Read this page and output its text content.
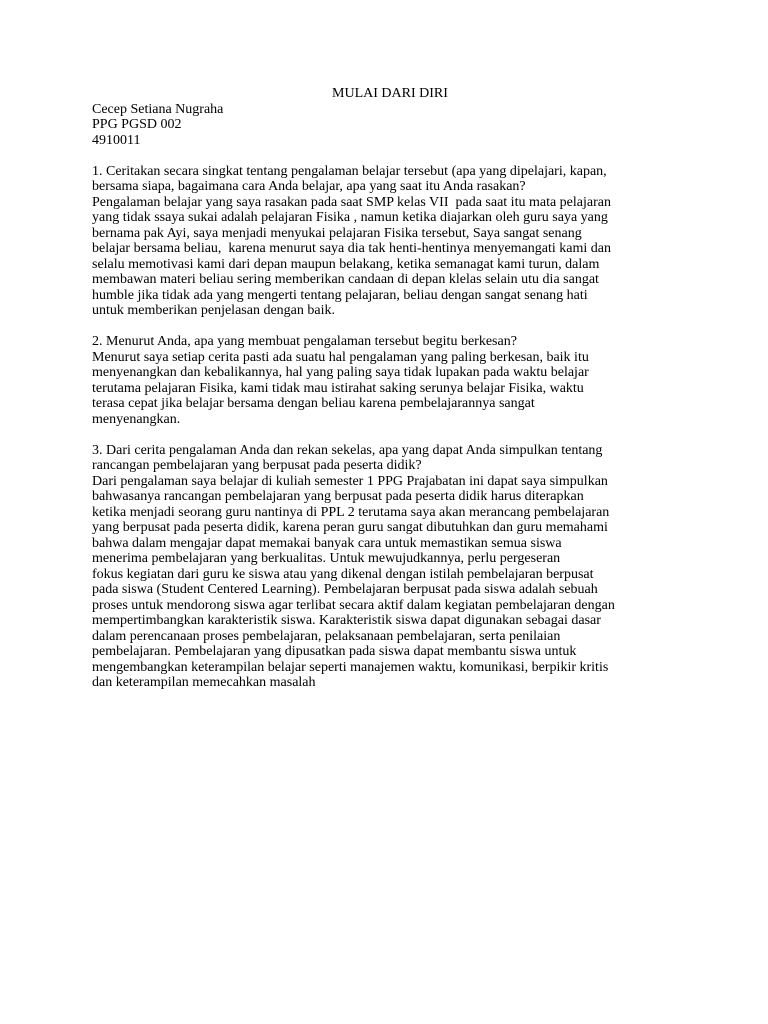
MULAI DARI DIRI
Cecep Setiana Nugraha
PPG PGSD 002
4910011
1. Ceritakan secara singkat tentang pengalaman belajar tersebut (apa yang dipelajari, kapan,
bersama siapa, bagaimana cara Anda belajar, apa yang saat itu Anda rasakan?
Pengalaman belajar yang saya rasakan pada saat SMP kelas VII  pada saat itu mata pelajaran
yang tidak ssaya sukai adalah pelajaran Fisika , namun ketika diajarkan oleh guru saya yang
bernama pak Ayi, saya menjadi menyukai pelajaran Fisika tersebut, Saya sangat senang
belajar bersama beliau,  karena menurut saya dia tak henti-hentinya menyemangati kami dan
selalu memotivasi kami dari depan maupun belakang, ketika semanagat kami turun, dalam
membawan materi beliau sering memberikan candaan di depan klelas selain utu dia sangat
humble jika tidak ada yang mengerti tentang pelajaran, beliau dengan sangat senang hati
untuk memberikan penjelasan dengan baik.
2. Menurut Anda, apa yang membuat pengalaman tersebut begitu berkesan?
Menurut saya setiap cerita pasti ada suatu hal pengalaman yang paling berkesan, baik itu
menyenangkan dan kebalikannya, hal yang paling saya tidak lupakan pada waktu belajar
terutama pelajaran Fisika, kami tidak mau istirahat saking serunya belajar Fisika, waktu
terasa cepat jika belajar bersama dengan beliau karena pembelajarannya sangat
menyenangkan.
3. Dari cerita pengalaman Anda dan rekan sekelas, apa yang dapat Anda simpulkan tentang
rancangan pembelajaran yang berpusat pada peserta didik?
Dari pengalaman saya belajar di kuliah semester 1 PPG Prajabatan ini dapat saya simpulkan
bahwasanya rancangan pembelajaran yang berpusat pada peserta didik harus diterapkan
ketika menjadi seorang guru nantinya di PPL 2 terutama saya akan merancang pembelajaran
yang berpusat pada peserta didik, karena peran guru sangat dibutuhkan dan guru memahami
bahwa dalam mengajar dapat memakai banyak cara untuk memastikan semua siswa
menerima pembelajaran yang berkualitas. Untuk mewujudkannya, perlu pergeseran
fokus kegiatan dari guru ke siswa atau yang dikenal dengan istilah pembelajaran berpusat
pada siswa (Student Centered Learning). Pembelajaran berpusat pada siswa adalah sebuah
proses untuk mendorong siswa agar terlibat secara aktif dalam kegiatan pembelajaran dengan
mempertimbangkan karakteristik siswa. Karakteristik siswa dapat digunakan sebagai dasar
dalam perencanaan proses pembelajaran, pelaksanaan pembelajaran, serta penilaian
pembelajaran. Pembelajaran yang dipusatkan pada siswa dapat membantu siswa untuk
mengembangkan keterampilan belajar seperti manajemen waktu, komunikasi, berpikir kritis
dan keterampilan memecahkan masalah
